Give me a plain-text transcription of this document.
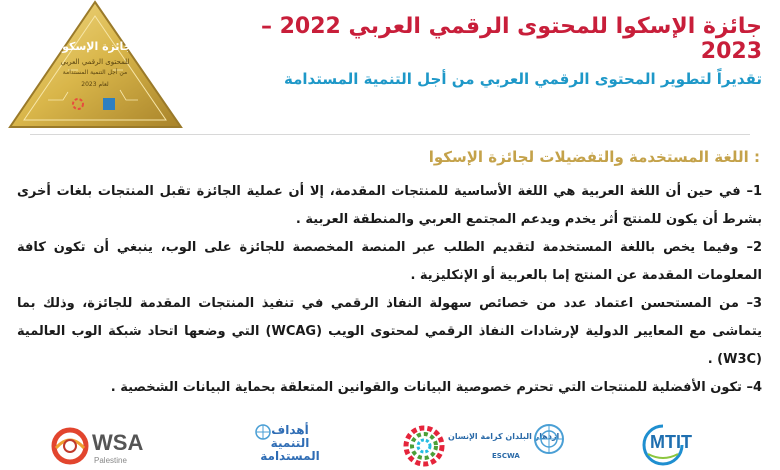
جائزة الإسكوا
للمحتوى الرقمي العربي
من أجل التنمية المستدامة
لعام 2023
جائزة الإسكوا للمحتوى الرقمي العربي 2022 – 2023
تقديراً لتطوير المحتوى الرقمي العربي من أجل التنمية المستدامة
اللغة المستخدمة والتفضيلات لجائزة الإسكوا :

1– في حين أن اللغة العربية هي اللغة الأساسية للمنتجات المقدمة، إلا أن عملية الجائزة تقبل المنتجات بلغات أخرى بشرط أن يكون للمنتج أثر يخدم ويدعم المجتمع العربي والمنطقة العربية .

2– وفيما يخص باللغة المستخدمة لتقديم الطلب عبر المنصة المخصصة للجائزة على الوب، ينبغي أن تكون كافة المعلومات المقدمة عن المنتج إما بالعربية أو الإنكليزية .

3– من المستحسن اعتماد عدد من خصائص سهولة النفاذ الرقمي في تنفيذ المنتجات المقدمة للجائزة، وذلك بما يتماشى مع المعايير الدولية لإرشادات النفاذ الرقمي لمحتوى الويب (WCAG) التي وضعها اتحاد شبكة الوب العالمية (W3C) .

4– تكون الأفضلية للمنتجات التي تحترم خصوصية البيانات والقوانين المتعلقة بحماية البيانات الشخصية .

WSA
Palestine
أهداف
التنمية
المستدامة
ازدهار البلدان كرامة الإنسان
ESCWA
MTIT
